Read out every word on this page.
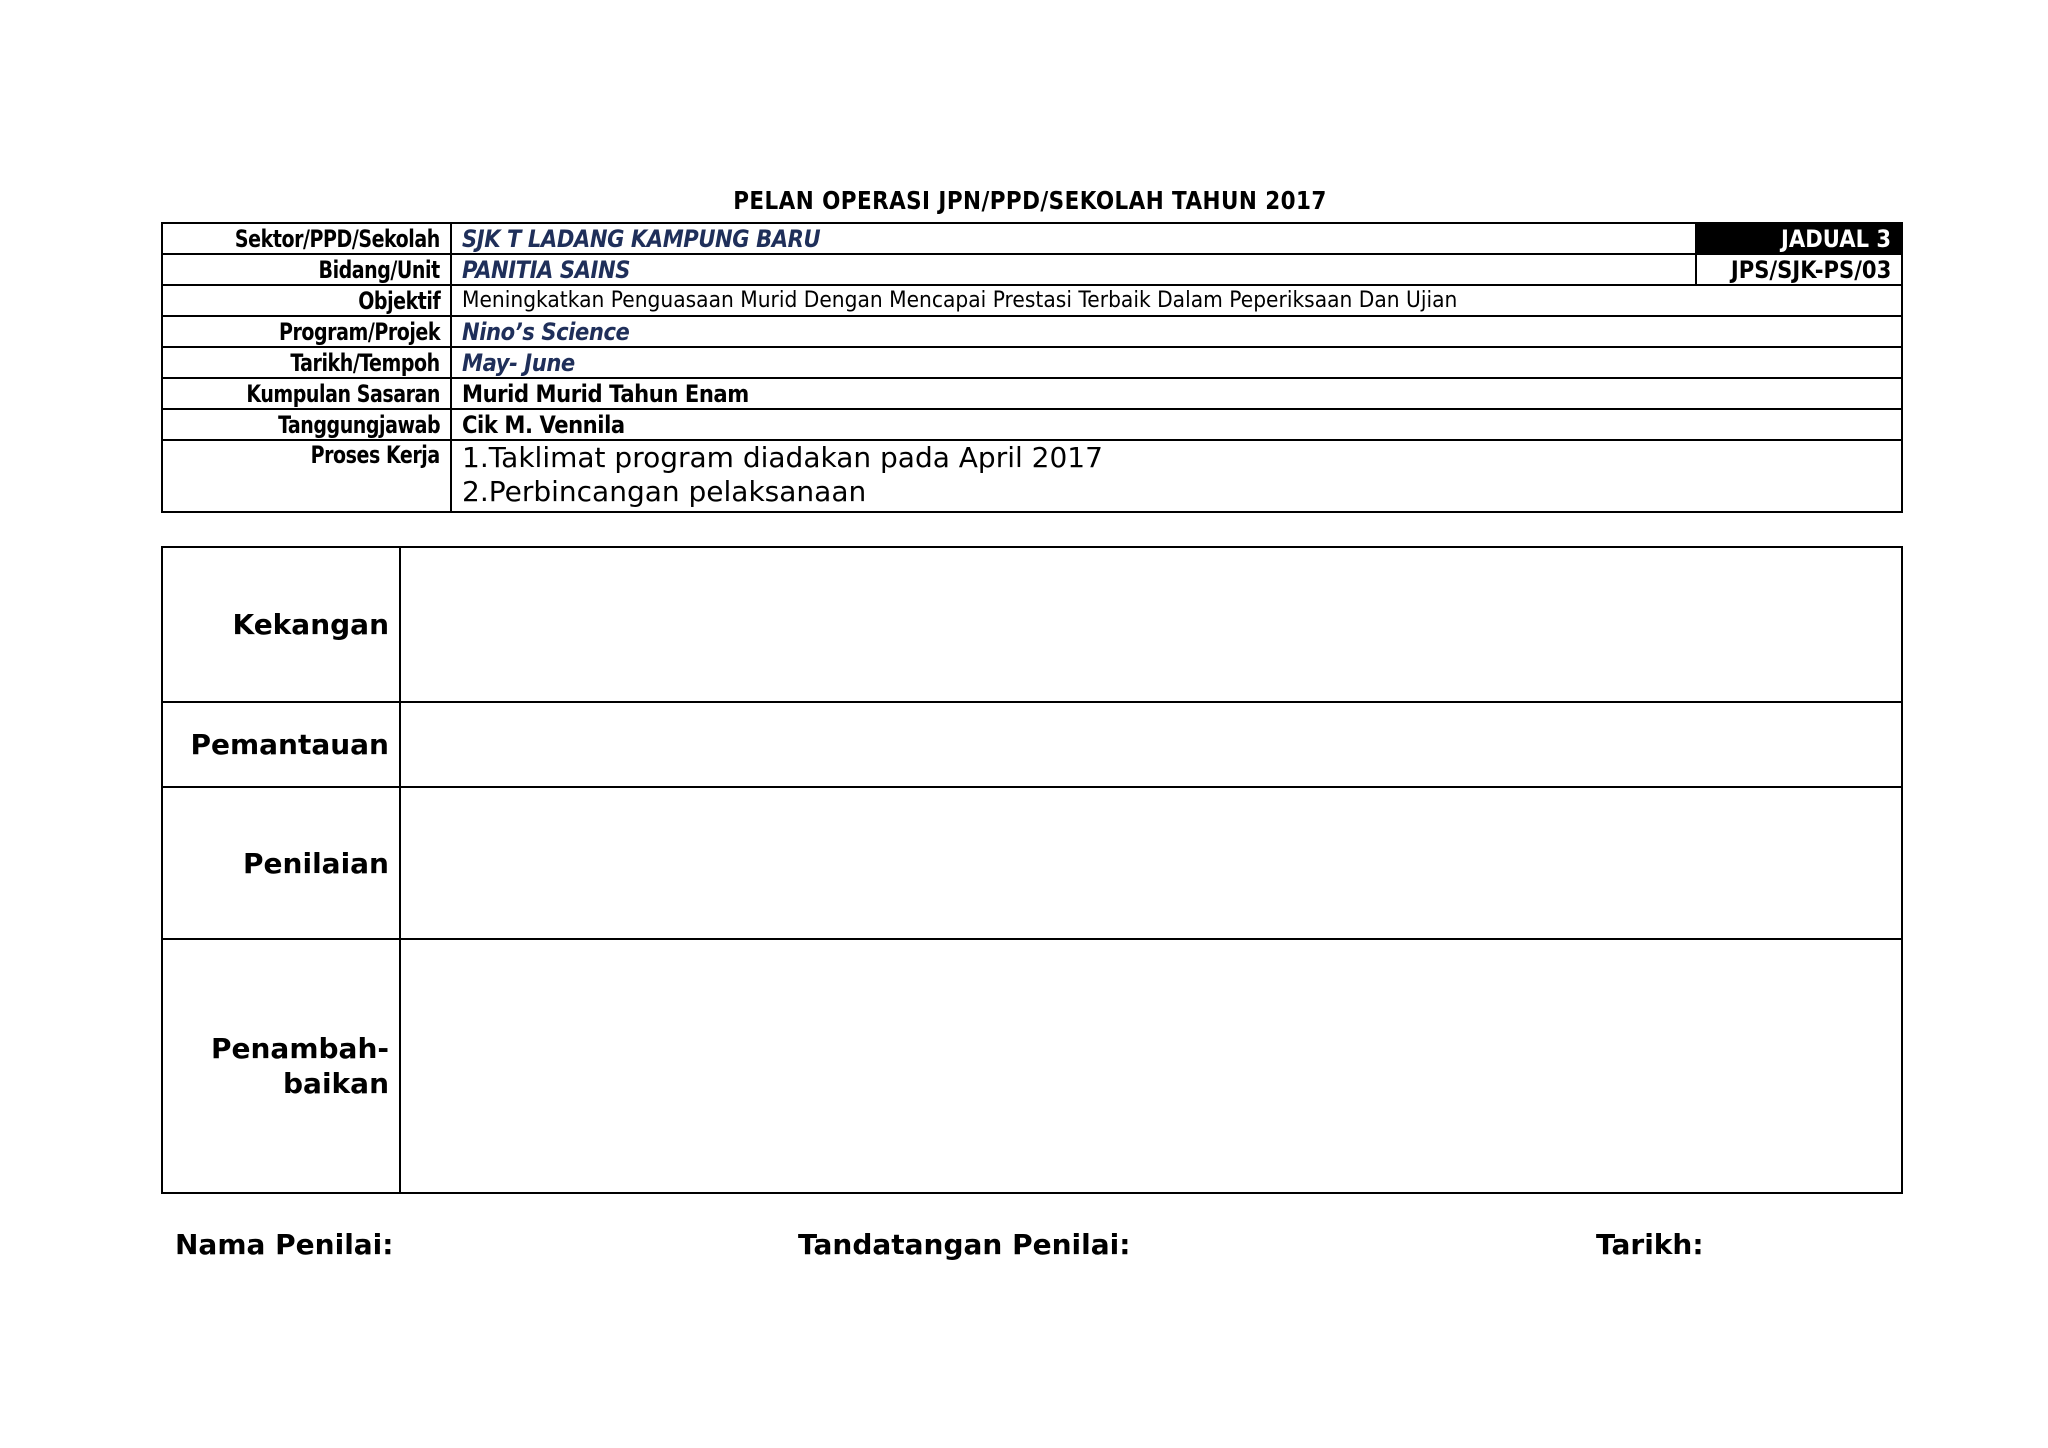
PELAN OPERASI JPN/PPD/SEKOLAH TAHUN 2017
Sektor/PPD/Sekolah	SJK T LADANG KAMPUNG BARU	JADUAL 3
Bidang/Unit	PANITIA SAINS	JPS/SJK-PS/03
Objektif	Meningkatkan Penguasaan Murid Dengan Mencapai Prestasi Terbaik Dalam Peperiksaan Dan Ujian	
Program/Projek	Nino’s Science	
Tarikh/Tempoh	May- June	
Kumpulan Sasaran	Murid Murid Tahun Enam	
Tanggungjawab	Cik M. Vennila	
Proses Kerja	1.Taklimat program diadakan pada April 2017
2.Perbincangan pelaksanaan	
Kekangan	
Pemantauan	
Penilaian	

Penambah-
baikan	

Nama Penilai:	Tandatangan Penilai:	Tarikh:
